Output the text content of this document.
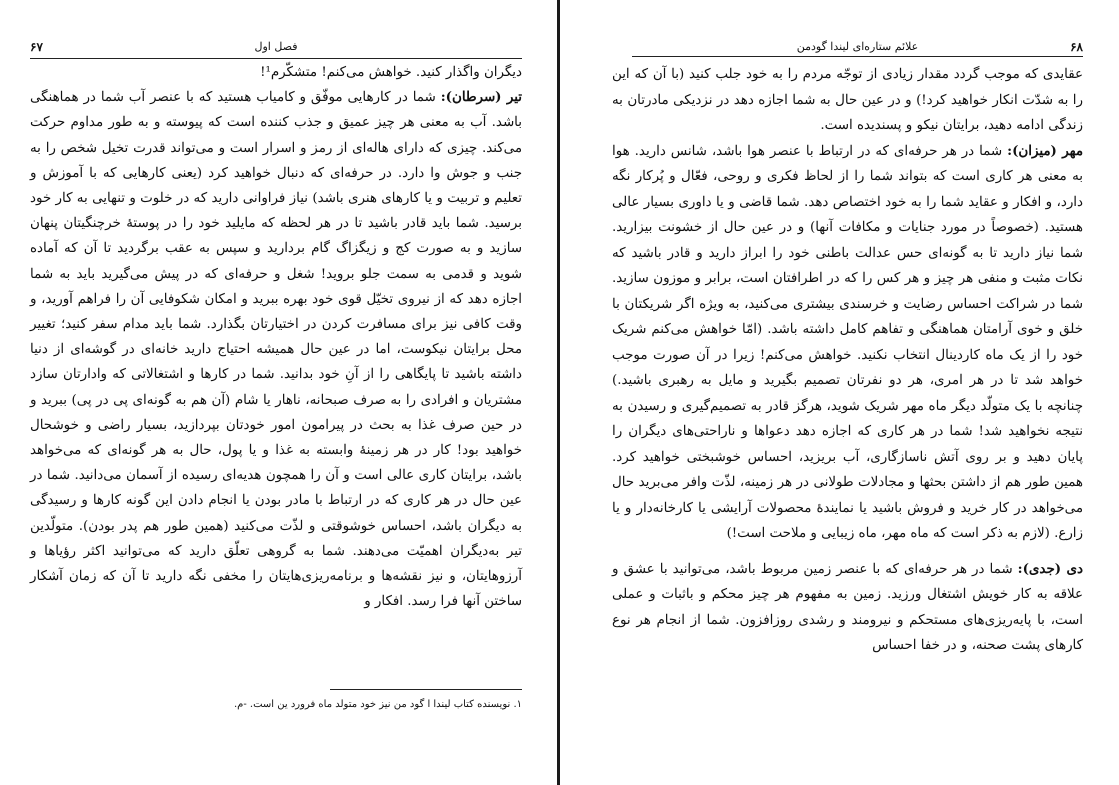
۶۷	فصل اول

دیگران واگذار کنید. خواهش می‌کنم! متشکّرم¹!

تیر (سرطان): شما در کارهایی موفّق و کامیاب هستید که با عنصر آب شما در هماهنگی باشد. آب به معنی هر چیز عمیق و جذب کننده است که پیوسته و به طور مداوم حرکت می‌کند. چیزی که دارای هاله‌ای از رمز و اسرار است و می‌تواند قدرت تخیل شخص را به جنب و جوش وا دارد. در حرفه‌ای که دنبال خواهید کرد (یعنی کارهایی که با آموزش و تعلیم و تربیت و یا کارهای هنری باشد) نیاز فراوانی دارید که در خلوت و تنهایی به کار خود برسید. شما باید قادر باشید تا در هر لحظه که مایلید خود را در پوستهٔ خرچنگیتان پنهان سازید و به صورت کج و زیگزاگ گام بردارید و سپس به عقب برگردید تا آن که آماده شوید و قدمی به سمت جلو بروید! شغل و حرفه‌ای که در پیش می‌گیرید باید به شما اجازه دهد که از نیروی تخیّل قوی خود بهره ببرید و امکان شکوفایی آن را فراهم آورید، و وقت کافی نیز برای مسافرت کردن در اختیارتان بگذارد. شما باید مدام سفر کنید؛ تغییر محل برایتان نیکوست، اما در عین حال همیشه احتیاج دارید خانه‌ای در گوشه‌ای از دنیا داشته باشید تا پایگاهی را از آنِ خود بدانید. شما در کارها و اشتغالاتی که وادارتان سازد مشتریان و افرادی را به صرف صبحانه، ناهار یا شام (آن هم به گونه‌ای پی در پی) ببرید و در حین صرف غذا به بحث در پیرامون امور خودتان بپردازید، بسیار راضی و خوشحال خواهید بود! کار در هر زمینهٔ وابسته به غذا و یا پول، حال به هر گونه‌ای که می‌خواهد باشد، برایتان کاری عالی است و آن را همچون هدیه‌ای رسیده از آسمان می‌دانید. شما در عین حال در هر کاری که در ارتباط با مادر بودن یا انجام دادن این گونه کارها و رسیدگی به دیگران باشد، احساس خوشوقتی و لذّت می‌کنید (همین طور هم پدر بودن). متولّدین تیر به‌دیگران اهمیّت می‌دهند. شما به گروهی تعلّق دارید که می‌توانید اکثر رؤیاها و آرزوهایتان، و نیز نقشه‌ها و برنامه‌ریزی‌هایتان را مخفی نگه دارید تا آن که زمان آشکار ساختن آنها فرا رسد. افکار و

۱. نویسنده کتاب لیندا ا گود من نیز خود متولد ماه فرورد ین است. -م.
۶۸
علائم ستاره‌ای لیندا گودمن

عقایدی که موجب گردد مقدار زیادی از توجّه مردم را به خود جلب کنید (با آن که این را به شدّت انکار خواهید کرد!) و در عین حال به شما اجازه دهد در نزدیکی مادرتان به زندگی ادامه دهید، برایتان نیکو و پسندیده است.

مهر (میزان): شما در هر حرفه‌ای که در ارتباط با عنصر هوا باشد، شانس دارید. هوا به معنی هر کاری است که بتواند شما را از لحاظ فکری و روحی، فعّال و پُرکار نگه دارد، و افکار و عقاید شما را به خود اختصاص دهد. شما قاضی و یا داوری بسیار عالی هستید. (خصوصاً در مورد جنایات و مکافات آنها) و در عین حال از خشونت بیزارید. شما نیاز دارید تا به گونه‌ای حس عدالت باطنی خود را ابراز دارید و قادر باشید که نکات مثبت و منفی هر چیز و هر کس را که در اطرافتان است، برابر و موزون سازید. شما در شراکت احساس رضایت و خرسندی بیشتری می‌کنید، به ویژه اگر شریکتان با خلق و خوی آرامتان هماهنگی و تفاهم کامل داشته باشد. (امّا خواهش می‌کنم شریک خود را از یک ماه کاردینال انتخاب نکنید. خواهش می‌کنم! زیرا در آن صورت موجب خواهد شد تا در هر امری، هر دو نفرتان تصمیم بگیرید و مایل به رهبری باشید.) چنانچه با یک متولّد دیگر ماه مهر شریک شوید، هرگز قادر به تصمیم‌گیری و رسیدن به نتیجه نخواهید شد! شما در هر کاری که اجازه دهد دعواها و ناراحتی‌های دیگران را پایان دهید و بر روی آتش ناسازگاری، آب بریزید، احساس خوشبختی خواهید کرد. همین طور هم از داشتن بحثها و مجادلات طولانی در هر زمینه، لذّت وافر می‌برید حال می‌خواهد در کار خرید و فروش باشید یا نمایندهٔ محصولات آرایشی یا کارخانه‌دار و یا زارع. (لازم به ذکر است که ماه مهر، ماه زیبایی و ملاحت است!)

دی (جدی): شما در هر حرفه‌ای که با عنصر زمین مربوط باشد، می‌توانید با عشق و علاقه به کار خویش اشتغال ورزید. زمین به مفهوم هر چیز محکم و باثبات و عملی است، با پایه‌ریزی‌های مستحکم و نیرومند و رشدی روزافزون. شما از انجام هر نوع کارهای پشت صحنه، و در خفا احساس
